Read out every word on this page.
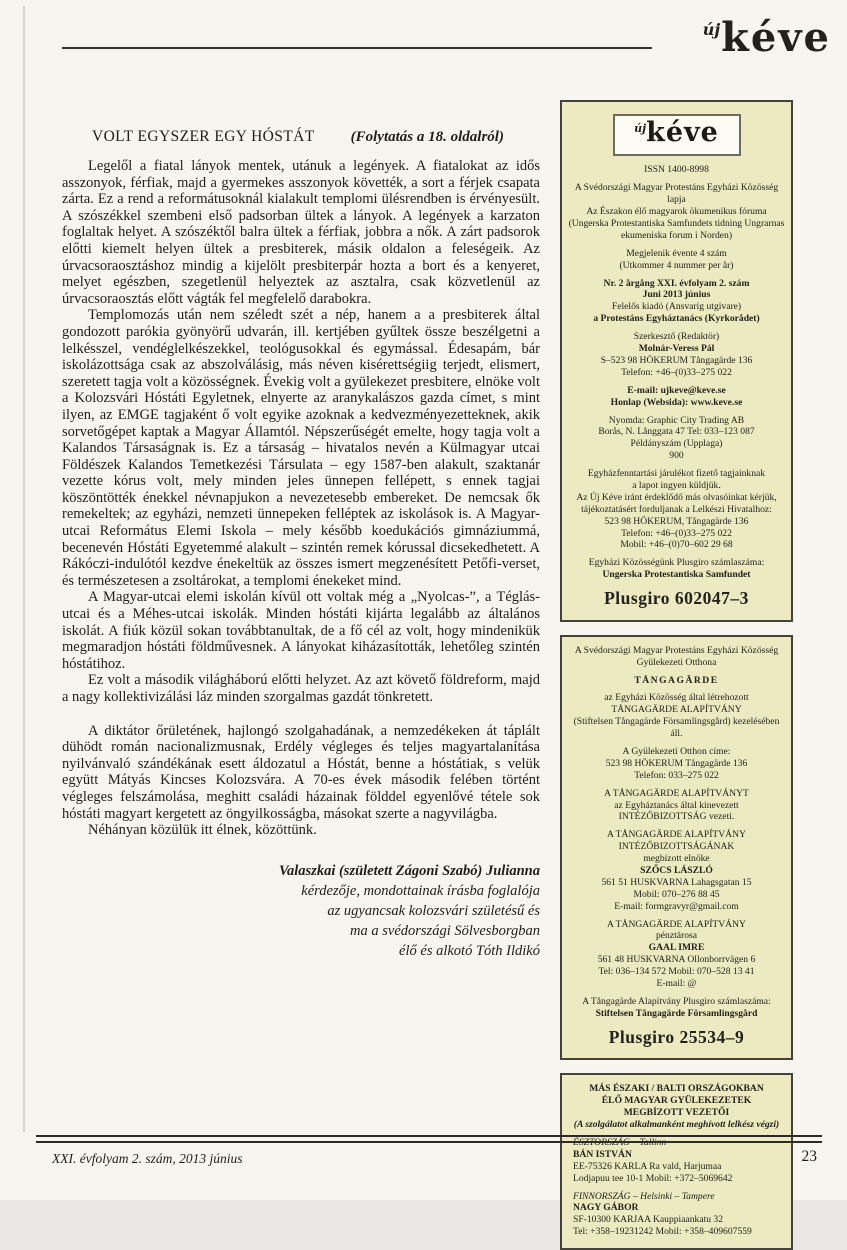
újkéve
VOLT EGYSZER EGY HÓSTÁT (Folytatás a 18. oldalról)
Legelől a fiatal lányok mentek, utánuk a legények. A fiatalokat az idős asszonyok, férfiak, majd a gyermekes asszonyok követték, a sort a férjek csapata zárta. Ez a rend a reformátusoknál kialakult templomi ülésrendben is érvényesült. A szószékkel szembeni első padsorban ültek a lányok. A legények a karzaton foglaltak helyet. A szószéktől balra ültek a férfiak, jobbra a nők. A zárt padsorok előtti kiemelt helyen ültek a presbiterek, másik oldalon a feleségeik. Az úrvacsoraosztáshoz mindig a kijelölt presbiterpár hozta a bort és a kenyeret, melyet egészben, szegetlenül helyeztek az asztalra, csak közvetlenül az úrvacsoraosztás előtt vágták fel megfelelő darabokra.
Templomozás után nem széledt szét a nép, hanem a a presbiterek által gondozott parókia gyönyörű udvarán, ill. kertjében gyűltek össze beszélgetni a lelkésszel, vendéglelkészekkel, teológusokkal és egymással. Édesapám, bár iskolázottsága csak az abszolválásig, más néven kisérettségiig terjedt, elismert, szeretett tagja volt a közösségnek. Évekig volt a gyülekezet presbitere, elnöke volt a Kolozsvári Hóstáti Egyletnek, elnyerte az aranykalászos gazda címet, s mint ilyen, az EMGE tagjaként ő volt egyike azoknak a kedvezményezetteknek, akik sorvetőgépet kaptak a Magyar Államtól. Népszerűségét emelte, hogy tagja volt a Kalandos Társaságnak is. Ez a társaság – hivatalos nevén a Külmagyar utcai Földészek Kalandos Temetkezési Társulata – egy 1587-ben alakult, szaktanár vezette kórus volt, mely minden jeles ünnepen fellépett, s ennek tagjai köszöntötték énekkel névnapjukon a nevezetesebb embereket. De nemcsak ők remekeltek; az egyházi, nemzeti ünnepeken felléptek az iskolások is. A Magyar-utcai Református Elemi Iskola – mely később koedukációs gimnáziummá, becenevén Hóstáti Egyetemmé alakult – szintén remek kórussal dicsekedhetett. A Rákóczi-indulótól kezdve énekeltük az összes ismert megzenésített Petőfi-verset, és természetesen a zsoltárokat, a templomi énekeket mind.
A Magyar-utcai elemi iskolán kívül ott voltak még a „Nyolcas-”, a Téglás-utcai és a Méhes-utcai iskolák. Minden hóstáti kijárta legalább az általános iskolát. A fiúk közül sokan továbbtanultak, de a fő cél az volt, hogy mindenikük megmaradjon hóstáti földművesnek. A lányokat kiházasították, lehetőleg szintén hóstátihoz.
Ez volt a második világháború előtti helyzet. Az azt követő földreform, majd a nagy kollektivizálási láz minden szorgalmas gazdát tönkretett.
A diktátor őrületének, hajlongó szolgahadának, a nemzedékeken át táplált dühödt román nacionalizmusnak, Erdély végleges és teljes magyartalanítása nyilvánvaló szándékának esett áldozatul a Hóstát, benne a hóstátiak, s velük együtt Mátyás Kincses Kolozsvára. A 70-es évek második felében történt végleges felszámolása, meghitt családi házainak földdel egyenlővé tétele sok hóstáti magyart kergetett az öngyilkosságba, másokat szerte a nagyvilágba.
Néhányan közülük itt élnek, közöttünk.
Valaszkai (született Zágoni Szabó) Julianna
kérdezője, mondottainak írásba foglalója
az ugyancsak kolozsvári születésű és
ma a svédországi Sölvesborgban
élő és alkotó Tóth Ildikó
újkéve
ISSN 1400-8998
A Svédországi Magyar Protestáns Egyházi Közösség lapja
Az Északon élő magyarok ökumenikus fóruma
(Ungerska Protestantiska Samfundets tidning Ungrarnas
ekumeniska forum i Norden)
Megjelenik évente 4 szám
(Utkommer 4 nummer per år)
Nr. 2 årgång XXI. évfolyam 2. szám
Juni 2013 június
Felelős kiadó (Ansvarig utgivare)
a Protestáns Egyháztanács (Kyrkorådet)
Szerkesztő (Redaktör)
Molnár-Veress Pál
S–523 98 HÖKERUM Tångagärde 136
Telefon: +46–(0)33–275 022
E-mail: ujkeve@keve.se
Honlap (Websida): www.keve.se
Nyomda: Graphic City Trading AB
Borås, N. Långgata 47 Tel: 033–123 087
Példányszám (Upplaga)
900
Egyházfenntartási járulékot fizető tagjainknak
a lapot ingyen küldjük.
Az Új Kéve iránt érdeklődő más olvasóinkat kérjük,
tájékoztatásért forduljanak a Lelkészi Hivatalhoz:
523 98 HÖKERUM, Tångagärde 136
Telefon: +46–(0)33–275 022
Mobil: +46–(0)70–602 29 68
Egyházi Közösségünk Plusgiro számlaszáma:
Ungerska Protestantiska Samfundet
Plusgiro 602047–3
A Svédországi Magyar Protestáns Egyházi Közösség
Gyülekezeti Otthona
TÅNGAGÄRDE
az Egyházi Közösség által létrehozott
TÅNGAGÄRDE ALAPÍTVÁNY
(Stiftelsen Tångagärde Församlingsgård) kezelésében áll.
A Gyülekezeti Otthon címe:
523 98 HÖKERUM Tångagärde 136
Telefon: 033–275 022
A TÅNGAGÄRDE ALAPÍTVÁNYT
az Egyháztanács által kinevezett
INTÉZŐBIZOTTSÁG vezeti.
A TÅNGAGÄRDE ALAPÍTVÁNY
INTÉZŐBIZOTTSÁGÁNAK
megbízott elnöke
SZŐCS LÁSZLÓ
561 51 HUSKVARNA Lahagsgatan 15
Mobil: 070–276 88 45
E-mail: formgravyr@gmail.com
A TÅNGAGÄRDE ALAPÍTVÁNY
pénztárosa
GAAL IMRE
561 48 HUSKVARNA Ollonborrvägen 6
Tel: 036–134 572 Mobil: 070–528 13 41
E-mail: @
A Tångagärde Alapítvány Plusgiro számlaszáma:
Stiftelsen Tångagärde Församlingsgård
Plusgiro 25534–9
MÁS ÉSZAKI / BALTI ORSZÁGOKBAN
ÉLŐ MAGYAR GYÜLEKEZETEK
MEGBÍZOTT VEZETŐI
(A szolgálatot alkalmanként meghívott lelkész végzi)
ÉSZTORSZÁG – Tallinn
BÁN ISTVÁN
EE-75326 KARLA Ra vald, Harjumaa
Lodjapuu tee 10-1 Mobil: +372–5069642
FINNORSZÁG – Helsinki – Tampere
NAGY GÁBOR
SF-10300 KARJAA Kauppiaankatu 32
Tel: +358–19231242 Mobil: +358–409607559
XXI. évfolyam 2. szám, 2013 június	23
